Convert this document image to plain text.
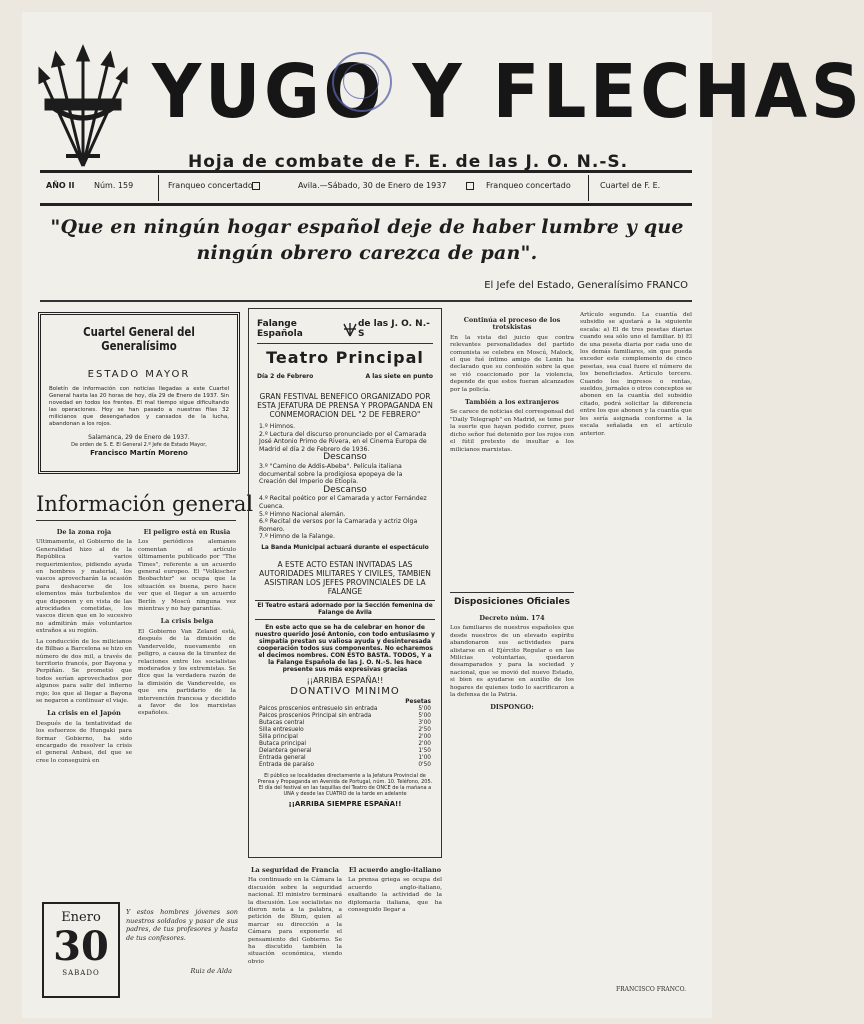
YUGO Y FLECHAS
Hoja de combate de F. E. de las J. O. N.-S.
AÑO II Núm. 159	Franqueo concertado	Avila.—Sábado, 30 de Enero de 1937	Franqueo concertado	Cuartel de F. E.
"Que en ningún hogar español deje de haber lumbre y que ningún obrero carezca de pan".
El Jefe del Estado, Generalísimo FRANCO
Cuartel General del Generalísimo
ESTADO MAYOR
Boletín de información con noticias llegadas a este Cuartel General hasta las 20 horas de hoy, día 29 de Enero de 1937. Sin novedad en todos los frentes. El mal tiempo sigue dificultando las operaciones. Hoy se han pasado a nuestras filas 32 milicianos que desengañados y cansados de la lucha, abandonan a los rojos.
Salamanca, 29 de Enero de 1937.
De orden de S. E. El General 2.º Jefe de Estado Mayor,
Francisco Martín Moreno
Información general
De la zona roja
Ultimamente, el Gobierno de la Generalidad hizo al de la República varios requerimientos, pidiendo ayuda en hombres y material, los vascos aprovecharán la ocasión para deshacerse de los elementos más turbulentos de que disponen y en vista de las atrocidades cometidas, los vascos dicen que en lo sucesivo no admitirán más voluntarios extraños a su región.
La conducción de los milicianos de Bilbao a Barcelona se hizo en número de dos mil, a través de territorio francés, por Bayona y Perpiñán. Se prometió que todos serían aprovechados por algunos para salir del infierno rojo; los que al llegar a Bayona se negaron a continuar el viaje.
La crisis en el Japón
Después de la tentatividad de los esfuerzos de Hungaki para formar Gobierno, ha sido encargado de resolver la crisis el general Anbasi, del que se cree lo conseguirá en
El peligro está en Rusia
Los periódicos alemanes comentan el artículo últimamente publicado por "The Times", referente a un acuerdo general europeo. El "Volkischer Beobachter" se ocupa que la situación es buena, pero hace ver que el llegar a un acuerdo Berlín y Moscú ninguna vez mientras y no hay garantías.
La crisis belga
El Gobierno Van Zeland está, después de la dimisión de Vandervelde, nuevamente en peligro, a causa de la tirantez de relaciones entre los socialistas moderados y los extremistas. Se dice que la verdadera razón de la dimisión de Vandervelde, es que era partidario de la intervención francesa y decidido a favor de los marxistas españoles.
Falange Española
de las J. O. N.-S
Teatro Principal
Día 2 de Febrero	A las siete en punto
GRAN FESTIVAL BENEFICO ORGANIZADO POR ESTA JEFATURA DE PRENSA Y PROPAGANDA EN CONMEMORACION DEL "2 DE FEBRERO"
1.º Himnos.
2.º Lectura del discurso pronunciado por el Camarada José Antonio Primo de Rivera, en el Cinema Europa de Madrid el día 2 de Febrero de 1936.
Descanso
3.º "Camino de Addis-Abeba". Película italiana documental sobre la prodigiosa epopeya de la Creación del Imperio de Etiopía.
Descanso
4.º Recital poético por el Camarada y actor Fernández Cuenca.
5.º Himno Nacional alemán.
6.º Recital de versos por la Camarada y actriz Olga Romero.
7.º Himno de la Falange.
La Banda Municipal actuará durante el espectáculo
A ESTE ACTO ESTAN INVITADAS LAS AUTORIDADES MILITARES Y CIVILES, TAMBIEN ASISTIRAN LOS JEFES PROVINCIALES DE LA FALANGE
El Teatro estará adornado por la Sección femenina de Falange de Avila
En este acto que se ha de celebrar en honor de nuestro querido José Antonio, con todo entusiasmo y simpatía prestan su valiosa ayuda y desinteresada cooperación todos sus componentes. No echaremos el decimos nombres. CON ESTO BASTA. TODOS, Y a la Falange Española de las J. O. N.-S. les hace presente sus más expresivas gracias
¡¡ARRIBA ESPAÑA!!
DONATIVO MINIMO
Pesetas
Palcos proscenios entresuelo sin entrada	5'00
Palcos proscenios Principal sin entrada	5'00
Butacas central	3'00
Silla entresuelo	2'50
Silla principal	2'00
Butaca principal	2'00
Delantera general	1'50
Entrada general	1'00
Entrada de paraíso	0'50
El público se localidades directamente a la Jefatura Provincial de Prensa y Propaganda en Avenida de Portugal, núm. 10. Teléfono, 205. El día del festival en las taquillas del Teatro de ONCE de la mañana a UNA y desde las CUATRO de la tarde en adelante
¡¡ARRIBA SIEMPRE ESPAÑA!!
La seguridad de Francia
Ha continuado en la Cámara la discusión sobre la seguridad nacional. El ministro terminará la discusión. Los socialistas no dieron nota a la palabra, a petición de Blum, quien al marcar su dirección a la Cámara para exponerle el pensamiento del Gobierno. Se ha discutido también la situación económica, viendo obvio
El acuerdo anglo-italiano
La prensa griega se ocupa del acuerdo anglo-italiano, exaltando la actividad de la diplomacia italiana, que ha conseguido llegar a
Continúa el proceso de los trotskistas
En la vista del juicio que contra relevantes personalidades del partido comunista se celebra en Moscú, Malock, el que fué íntimo amigo de Lenin ha declarado que su confesión sobre la que se vió coaccionado por la violencia, depende de que estos fueran alcanzados por la policía.
También a los extranjeros
Se carece de noticias del corresponsal del "Daily Telegraph" en Madrid, se teme por la suerte que hayan podido correr, pues dicho señor fué detenido por los rojos con el fútil pretexto de insultar a los milicianos marxistas.
Disposiciones Oficiales
Decreto núm. 174
Los familiares de nuestros españoles que desde nuestros de un elevado espíritu abandonaron sus actividades para alistarse en el Ejército Regular o en las Milicias voluntarias, quedaron desamparados y para la sociedad y nacional, que se movió del nuevo Estado, si bien es ayudarse en auxilio de los hogares de quienes todo lo sacrificaron a la defensa de la Patria.
DISPONGO:
Artículo segundo. La cuantía del subsidio se ajustará a la siguiente escala: a) El de tres pesetas diarias cuando sea sólo uno el familiar. b) El de una peseta diaria por cada uno de los demás familiares, sin que pueda exceder este complemento de cinco pesetas, sea cual fuere el número de los beneficiados. Artículo tercero. Cuando los ingresos o rentas, sueldos, jornales o otros conceptos se abonen en la cuantía del subsidio citado, podrá solicitar la diferencia entre los que abonen y la cuantía que les sería asignada conforme a la escala señalada en el artículo anterior.
FRANCISCO FRANCO.
Enero
30
SABADO
Y estos hombres jóvenes son nuestros soldados y pasar de sus padres, de tus profesores y hasta de tus confesores.
Ruiz de Alda
